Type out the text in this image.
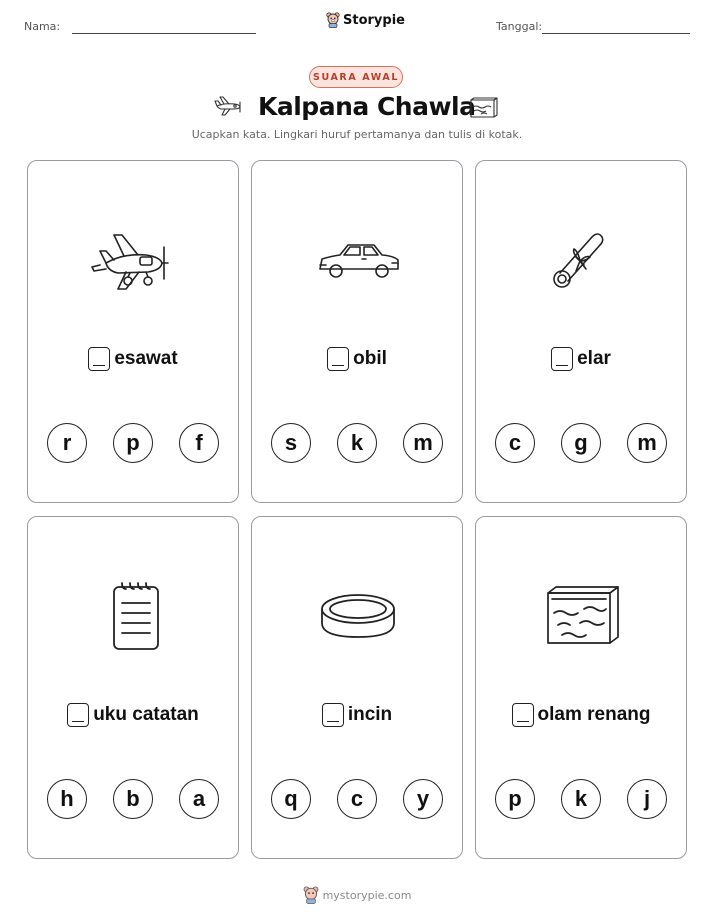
Nama:	Storypie	Tanggal:
SUARA AWAL
Kalpana Chawla
Ucapkan kata. Lingkari huruf pertamanya dan tulis di kotak.
esawat
r	p	f
obil
s	k	m
elar
c	g	m
uku catatan
h	b	a
incin
q	c	y
olam renang
p	k	j
mystorypie.com
